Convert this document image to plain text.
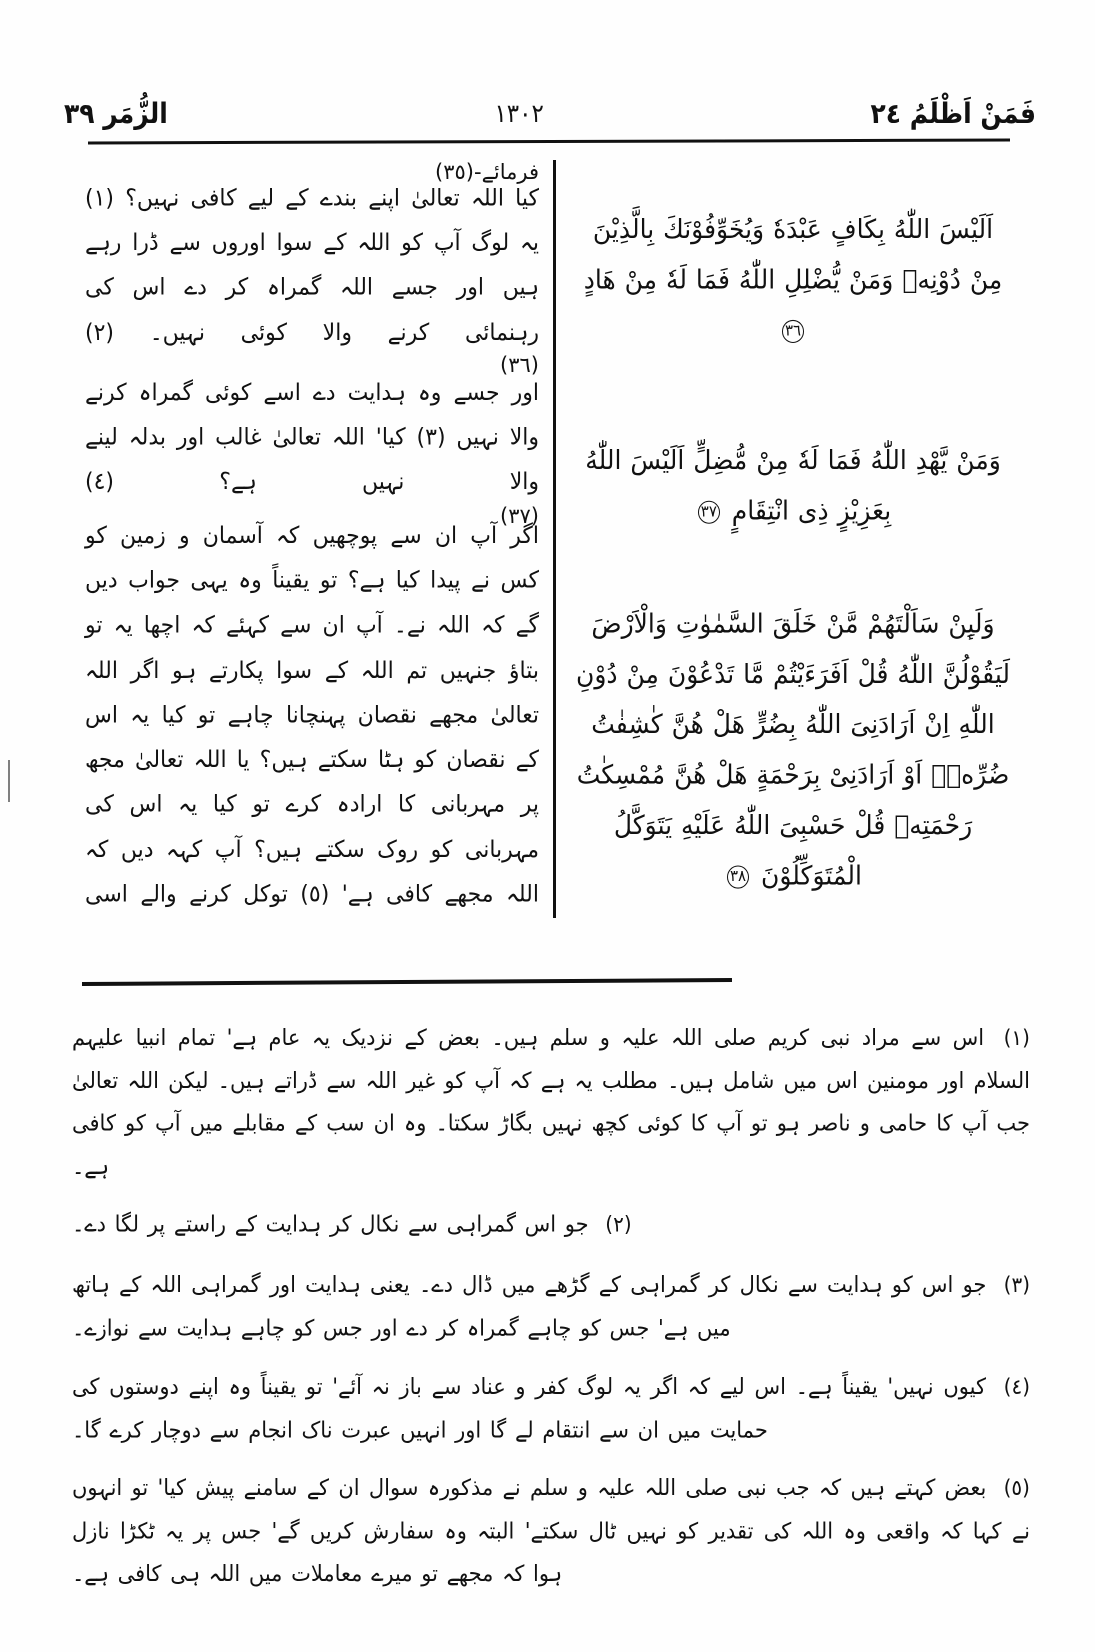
فَمَنْ اَظْلَمُ ٢٤
١٣٠٢
الزُّمَر ٣٩
اَلَیْسَ اللّٰهُ بِكَافٍ عَبْدَهٗ وَیُخَوِّفُوْنَكَ بِالَّذِیْنَ مِنْ دُوْنِهٖ وَمَنْ یُّضْلِلِ اللّٰهُ فَمَا لَهٗ مِنْ هَادٍ ٣٦
وَمَنْ یَّهْدِ اللّٰهُ فَمَا لَهٗ مِنْ مُّضِلٍّ اَلَیْسَ اللّٰهُ بِعَزِیْزٍ ذِی انْتِقَامٍ ٣٧
وَلَىِٕنْ سَاَلْتَهُمْ مَّنْ خَلَقَ السَّمٰوٰتِ وَالْاَرْضَ لَیَقُوْلُنَّ اللّٰهُ قُلْ اَفَرَءَیْتُمْ مَّا تَدْعُوْنَ مِنْ دُوْنِ اللّٰهِ اِنْ اَرَادَنِیَ اللّٰهُ بِضُرٍّ هَلْ هُنَّ كٰشِفٰتُ ضُرِّهٖۤ اَوْ اَرَادَنِیْ بِرَحْمَةٍ هَلْ هُنَّ مُمْسِكٰتُ رَحْمَتِهٖ قُلْ حَسْبِیَ اللّٰهُ عَلَیْهِ یَتَوَكَّلُ الْمُتَوَكِّلُوْنَ ٣٨
فرمائے-(٣٥)

کیا اللہ تعالیٰ اپنے بندے کے لیے کافی نہیں؟ (١) یہ لوگ آپ کو اللہ کے سوا اوروں سے ڈرا رہے ہیں اور جسے اللہ گمراہ کر دے اس کی رہنمائی کرنے والا کوئی نہیں۔ (٢)

(٣٦)

اور جسے وہ ہدایت دے اسے کوئی گمراہ کرنے والا نہیں (٣) کیا' اللہ تعالیٰ غالب اور بدلہ لینے والا نہیں ہے؟ (٤)

(٣٧)

اگر آپ ان سے پوچھیں کہ آسمان و زمین کو کس نے پیدا کیا ہے؟ تو یقیناً وہ یہی جواب دیں گے کہ اللہ نے۔ آپ ان سے کہئے کہ اچھا یہ تو بتاؤ جنہیں تم اللہ کے سوا پکارتے ہو اگر اللہ تعالیٰ مجھے نقصان پہنچانا چاہے تو کیا یہ اس کے نقصان کو ہٹا سکتے ہیں؟ یا اللہ تعالیٰ مجھ پر مہربانی کا ارادہ کرے تو کیا یہ اس کی مہربانی کو روک سکتے ہیں؟ آپ کہہ دیں کہ اللہ مجھے کافی ہے' (٥) توکل کرنے والے اسی

(١) اس سے مراد نبی کریم صلی اللہ علیہ و سلم ہیں۔ بعض کے نزدیک یہ عام ہے' تمام انبیا علیہم السلام اور مومنین اس میں شامل ہیں۔ مطلب یہ ہے کہ آپ کو غیر اللہ سے ڈراتے ہیں۔ لیکن اللہ تعالیٰ جب آپ کا حامی و ناصر ہو تو آپ کا کوئی کچھ نہیں بگاڑ سکتا۔ وہ ان سب کے مقابلے میں آپ کو کافی ہے۔

(٢) جو اس گمراہی سے نکال کر ہدایت کے راستے پر لگا دے۔

(٣) جو اس کو ہدایت سے نکال کر گمراہی کے گڑھے میں ڈال دے۔ یعنی ہدایت اور گمراہی اللہ کے ہاتھ میں ہے' جس کو چاہے گمراہ کر دے اور جس کو چاہے ہدایت سے نوازے۔

(٤) کیوں نہیں' یقیناً ہے۔ اس لیے کہ اگر یہ لوگ کفر و عناد سے باز نہ آئے' تو یقیناً وہ اپنے دوستوں کی حمایت میں ان سے انتقام لے گا اور انہیں عبرت ناک انجام سے دوچار کرے گا۔

(٥) بعض کہتے ہیں کہ جب نبی صلی اللہ علیہ و سلم نے مذکورہ سوال ان کے سامنے پیش کیا' تو انہوں نے کہا کہ واقعی وہ اللہ کی تقدیر کو نہیں ٹال سکتے' البتہ وہ سفارش کریں گے' جس پر یہ ٹکڑا نازل ہوا کہ مجھے تو میرے معاملات میں اللہ ہی کافی ہے۔
